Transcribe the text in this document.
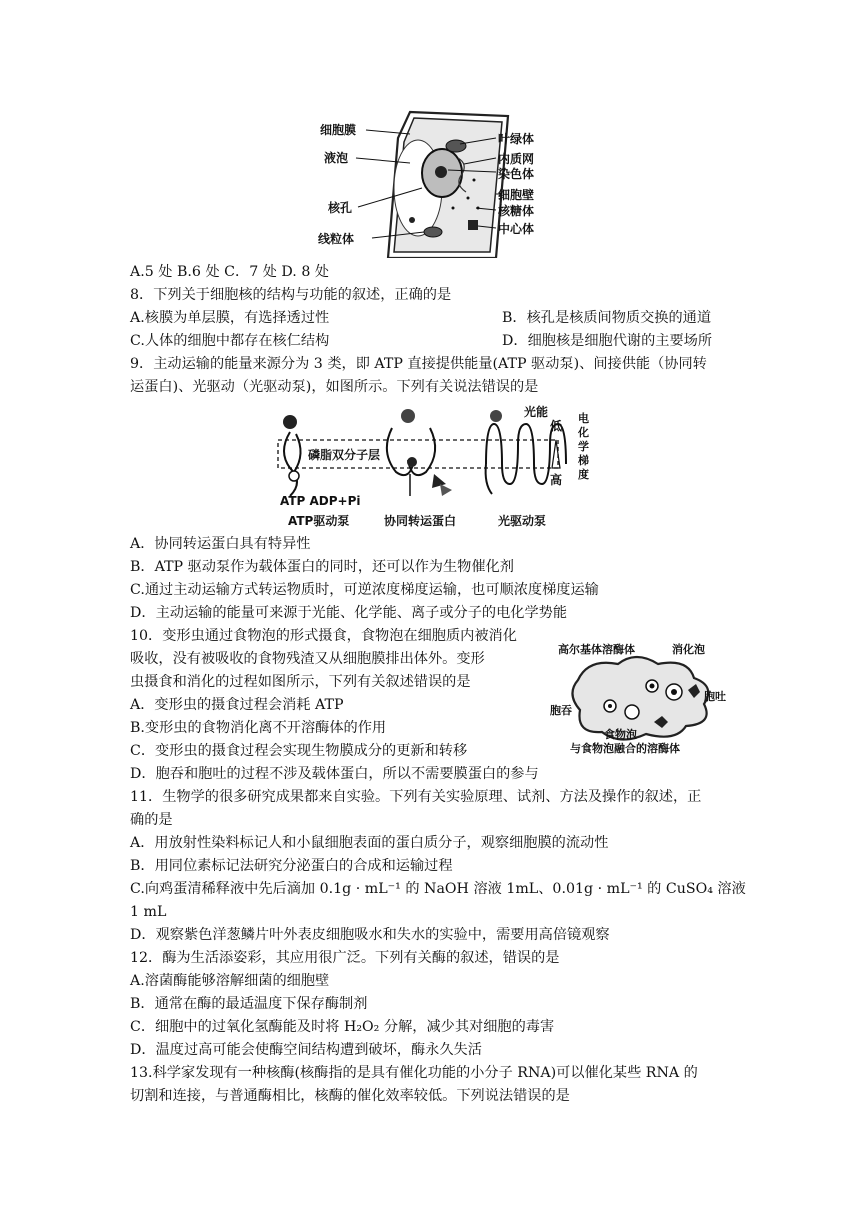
细胞膜
液泡
核孔
线粒体
叶绿体
内质网
染色体
细胞壁
核糖体
中心体
A.5 处 B.6 处 C．7 处 D. 8 处
8．下列关于细胞核的结构与功能的叙述，正确的是
A.核膜为单层膜，有选择透过性	B．核孔是核质间物质交换的通道
C.人体的细胞中都存在核仁结构	D．细胞核是细胞代谢的主要场所
9．主动运输的能量来源分为 3 类，即 ATP 直接提供能量(ATP 驱动泵)、间接供能（协同转
运蛋白)、光驱动（光驱动泵)，如图所示。下列有关说法错误的是
磷脂双分子层
ATP ADP+Pi
ATP驱动泵	协同转运蛋白
光能
光驱动泵
低
高
电化学梯度
A．协同转运蛋白具有特异性
B．ATP 驱动泵作为载体蛋白的同时，还可以作为生物催化剂
C.通过主动运输方式转运物质时，可逆浓度梯度运输，也可顺浓度梯度运输
D．主动运输的能量可来源于光能、化学能、离子或分子的电化学势能
10．变形虫通过食物泡的形式摄食，食物泡在细胞质内被消化
吸收，没有被吸收的食物残渣又从细胞膜排出体外。变形
虫摄食和消化的过程如图所示，下列有关叙述错误的是
高尔基体溶酶体	消化泡
胞吞
胞吐
食物泡
与食物泡融合的溶酶体
A．变形虫的摄食过程会消耗 ATP
B.变形虫的食物消化离不开溶酶体的作用
C．变形虫的摄食过程会实现生物膜成分的更新和转移
D．胞吞和胞吐的过程不涉及载体蛋白，所以不需要膜蛋白的参与
11．生物学的很多研究成果都来自实验。下列有关实验原理、试剂、方法及操作的叙述，正
确的是
A．用放射性染料标记人和小鼠细胞表面的蛋白质分子，观察细胞膜的流动性
B．用同位素标记法研究分泌蛋白的合成和运输过程
C.向鸡蛋清稀释液中先后滴加 0.1g · mL⁻¹ 的 NaOH 溶液 1mL、0.01g · mL⁻¹ 的 CuSO₄ 溶液
1 mL
D．观察紫色洋葱鳞片叶外表皮细胞吸水和失水的实验中，需要用高倍镜观察
12．酶为生活添姿彩，其应用很广泛。下列有关酶的叙述，错误的是
A.溶菌酶能够溶解细菌的细胞壁
B．通常在酶的最适温度下保存酶制剂
C．细胞中的过氧化氢酶能及时将 H₂O₂ 分解，减少其对细胞的毒害
D．温度过高可能会使酶空间结构遭到破坏，酶永久失活
13.科学家发现有一种核酶(核酶指的是具有催化功能的小分子 RNA)可以催化某些 RNA 的
切割和连接，与普通酶相比，核酶的催化效率较低。下列说法错误的是
